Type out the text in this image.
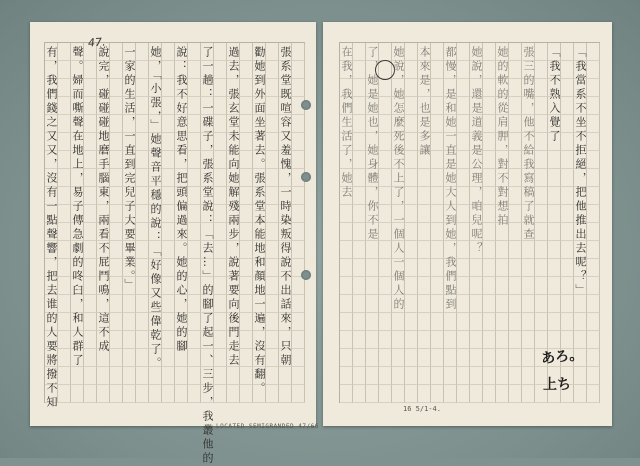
47.
張系堂既喧容又羞愧，一時染叛得說不出話來，只朝
勸她到外面坐著去。張系堂本能地和顏地一遍，沒有翻。
過去，張玄堂未能向她解殘兩步，說著要向後門走去
了一趟：一碟子，張系堂說：「去…」的腳了起一、三步，我叢他的
說：我不好意思看，把頭偏過來。她的心，她的腳
她，「小張，」她聲音平穩的說：「好像又些偉乾了。
一家的生活，一直到完兒子大要畢業。」
說完，碰碰碰地磨手腦東，兩看不屁鬥鳴，這不成
聲。婦而嘶聲在地上，易子傳急劇的咚臼，和人群了
有，我們錢之又又，沒有一點聲響，把去谁的人要將撥不知	「我當系不坐不拒絕，把他推出去呢？」
「我不熟入覺了
張三的嘴，他不給我寫稿了就查
她的軟的從肩胛，對不對想拍
她說，還是道義是公理，咱兒呢？
都慢，是和她一直是她大人到她，我們點到
本來是，也是多讓
她說，她怎麼死後不上了，一個人一個人的
了，她是她也，她身體，你不是
在我，我們生活了，她去
あろ。
上ち
LOCATED SEMIGRANDED 47/66
16 5/1-4.
